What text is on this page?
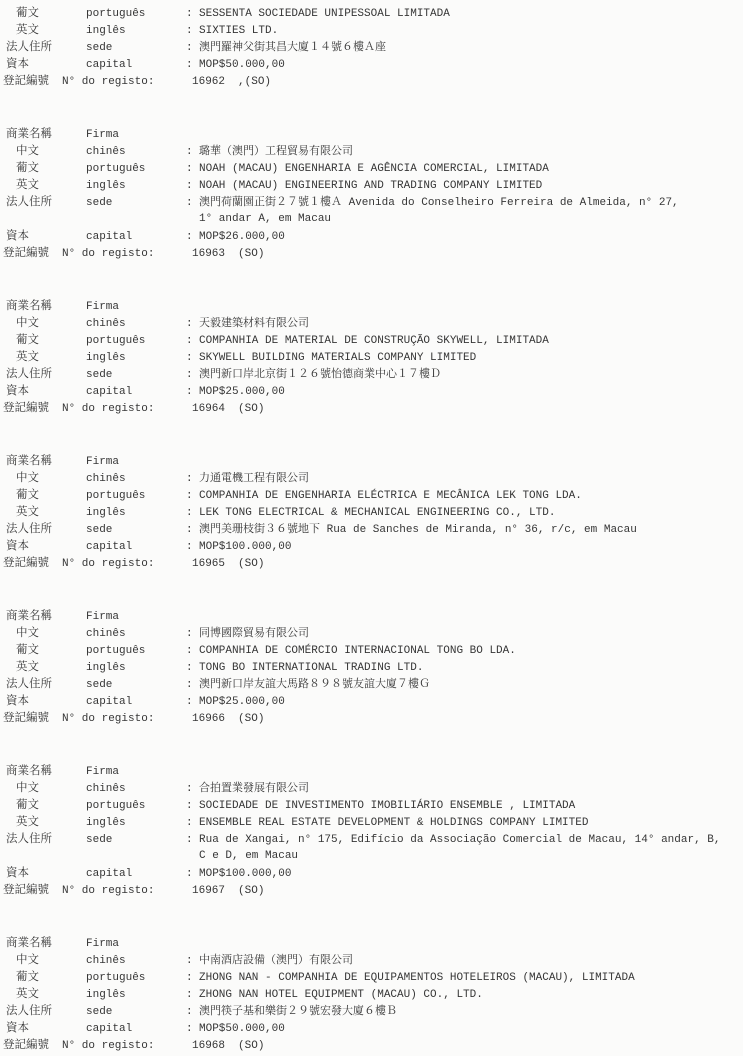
葡文	português	: SESSENTA SOCIEDADE UNIPESSOAL LIMITADA
英文	inglês	: SIXTIES LTD.
法人住所	sede	: 澳門羅神父街其昌大廈１４號６樓Ａ座
資本	capital	: MOP$50.000,00
登記編號	N° do registo:	16962 ,(SO)
商業名稱	Firma
中文	chinês	: 璐華（澳門）工程貿易有限公司
葡文	português	: NOAH (MACAU) ENGENHARIA E AGÊNCIA COMERCIAL, LIMITADA
英文	inglês	: NOAH (MACAU) ENGINEERING AND TRADING COMPANY LIMITED
法人住所	sede	: 澳門荷蘭園正街２７號１樓Ａ Avenida do Conselheiro Ferreira de Almeida, n° 27,
1° andar A, em Macau
資本	capital	: MOP$26.000,00
登記編號	N° do registo:	16963 (SO)
商業名稱	Firma
中文	chinês	: 天毅建築材料有限公司
葡文	português	: COMPANHIA DE MATERIAL DE CONSTRUÇÃO SKYWELL, LIMITADA
英文	inglês	: SKYWELL BUILDING MATERIALS COMPANY LIMITED
法人住所	sede	: 澳門新口岸北京街１２６號怡德商業中心１７樓Ｄ
資本	capital	: MOP$25.000,00
登記編號	N° do registo:	16964 (SO)
商業名稱	Firma
中文	chinês	: 力通電機工程有限公司
葡文	português	: COMPANHIA DE ENGENHARIA ELÉCTRICA E MECÂNICA LEK TONG LDA.
英文	inglês	: LEK TONG ELECTRICAL & MECHANICAL ENGINEERING CO., LTD.
法人住所	sede	: 澳門美珊枝街３６號地下 Rua de Sanches de Miranda, n° 36, r/c, em Macau
資本	capital	: MOP$100.000,00
登記編號	N° do registo:	16965 (SO)
商業名稱	Firma
中文	chinês	: 同博國際貿易有限公司
葡文	português	: COMPANHIA DE COMÉRCIO INTERNACIONAL TONG BO LDA.
英文	inglês	: TONG BO INTERNATIONAL TRADING LTD.
法人住所	sede	: 澳門新口岸友誼大馬路８９８號友誼大廈７樓Ｇ
資本	capital	: MOP$25.000,00
登記編號	N° do registo:	16966 (SO)
商業名稱	Firma
中文	chinês	: 合拍置業發展有限公司
葡文	português	: SOCIEDADE DE INVESTIMENTO IMOBILIÁRIO ENSEMBLE , LIMITADA
英文	inglês	: ENSEMBLE REAL ESTATE DEVELOPMENT & HOLDINGS COMPANY LIMITED
法人住所	sede	: Rua de Xangai, n° 175, Edifício da Associação Comercial de Macau, 14° andar, B,
C e D, em Macau
資本	capital	: MOP$100.000,00
登記編號	N° do registo:	16967 (SO)
商業名稱	Firma
中文	chinês	: 中南酒店設備（澳門）有限公司
葡文	português	: ZHONG NAN - COMPANHIA DE EQUIPAMENTOS HOTELEIROS (MACAU), LIMITADA
英文	inglês	: ZHONG NAN HOTEL EQUIPMENT (MACAU) CO., LTD.
法人住所	sede	: 澳門筷子基和樂街２９號宏發大廈６樓Ｂ
資本	capital	: MOP$50.000,00
登記編號	N° do registo:	16968 (SO)
